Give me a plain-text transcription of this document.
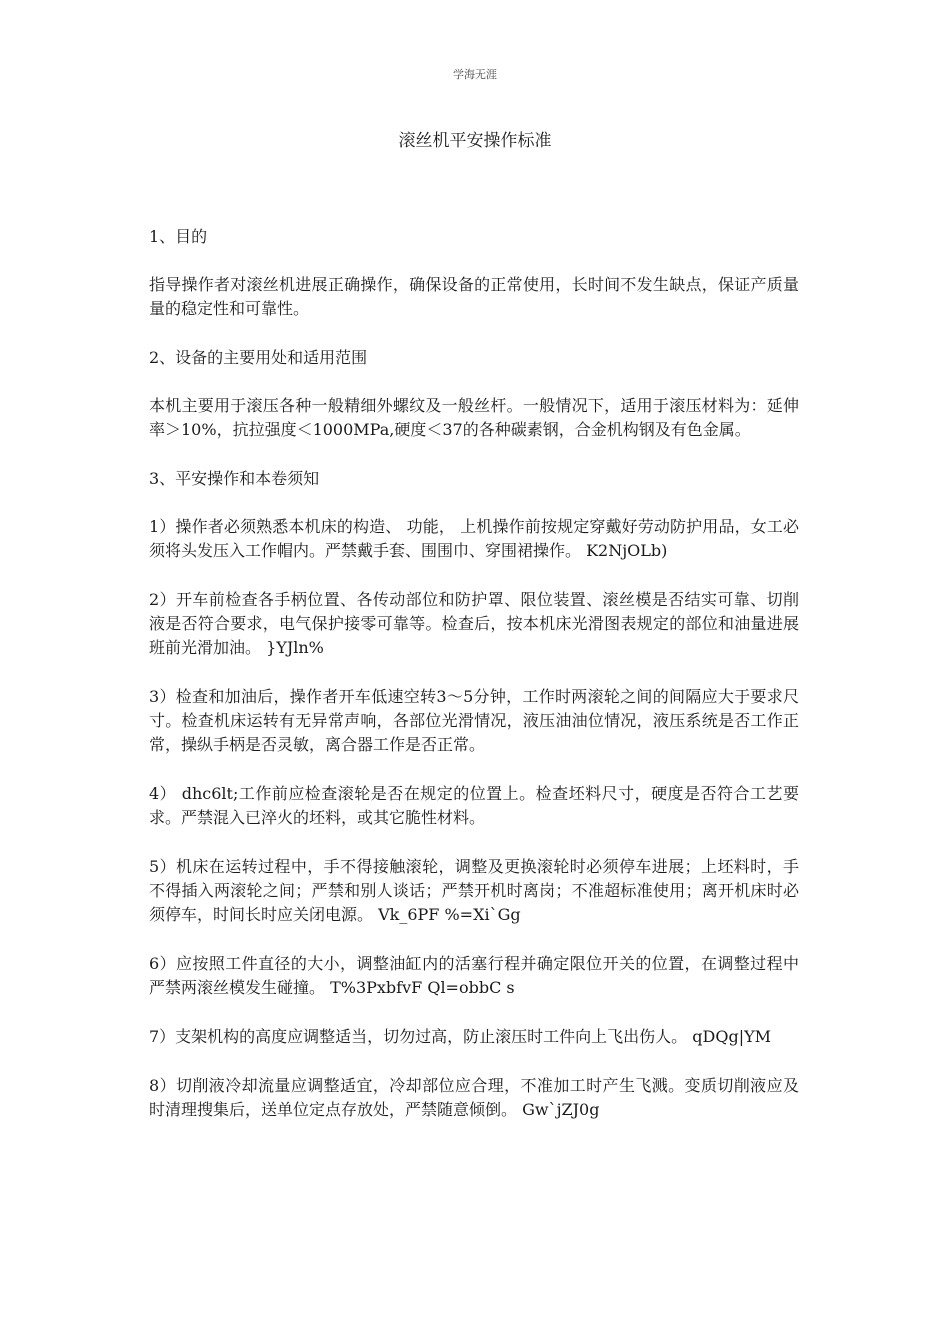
学海无涯
滚丝机平安操作标准

1、目的

指导操作者对滚丝机进展正确操作，确保设备的正常使用，长时间不发生缺点，保证产质量量的稳定性和可靠性。

2、设备的主要用处和适用范围

本机主要用于滚压各种一般精细外螺纹及一般丝杆。一般情况下，适用于滚压材料为：延伸率＞10%，抗拉强度＜1000MPa,硬度＜37的各种碳素钢，合金机构钢及有色金属。

3、平安操作和本卷须知

1）操作者必须熟悉本机床的构造、 功能， 上机操作前按规定穿戴好劳动防护用品，女工必须将头发压入工作帽内。严禁戴手套、围围巾、穿围裙操作。 K2NjOLb)

2）开车前检查各手柄位置、各传动部位和防护罩、限位装置、滚丝模是否结实可靠、切削液是否符合要求，电气保护接零可靠等。检查后，按本机床光滑图表规定的部位和油量进展班前光滑加油。 }YJln%

3）检查和加油后，操作者开车低速空转3～5分钟，工作时两滚轮之间的间隔应大于要求尺寸。检查机床运转有无异常声响，各部位光滑情况，液压油油位情况，液压系统是否工作正常，操纵手柄是否灵敏，离合器工作是否正常。

4） dhc6lt;工作前应检查滚轮是否在规定的位置上。检查坯料尺寸，硬度是否符合工艺要求。严禁混入已淬火的坯料，或其它脆性材料。

5）机床在运转过程中，手不得接触滚轮，调整及更换滚轮时必须停车进展；上坯料时，手不得插入两滚轮之间；严禁和别人谈话；严禁开机时离岗；不准超标准使用；离开机床时必须停车，时间长时应关闭电源。 Vk_6PF %=Xi`Gg

6）应按照工件直径的大小，调整油缸内的活塞行程并确定限位开关的位置，在调整过程中严禁两滚丝模发生碰撞。 T%3PxbfvF Ql=obbC s

7）支架机构的高度应调整适当，切勿过高，防止滚压时工件向上飞出伤人。 qDQg|YM

8）切削液冷却流量应调整适宜，冷却部位应合理，不准加工时产生飞溅。变质切削液应及时清理搜集后，送单位定点存放处，严禁随意倾倒。 Gw`jZJ0g
